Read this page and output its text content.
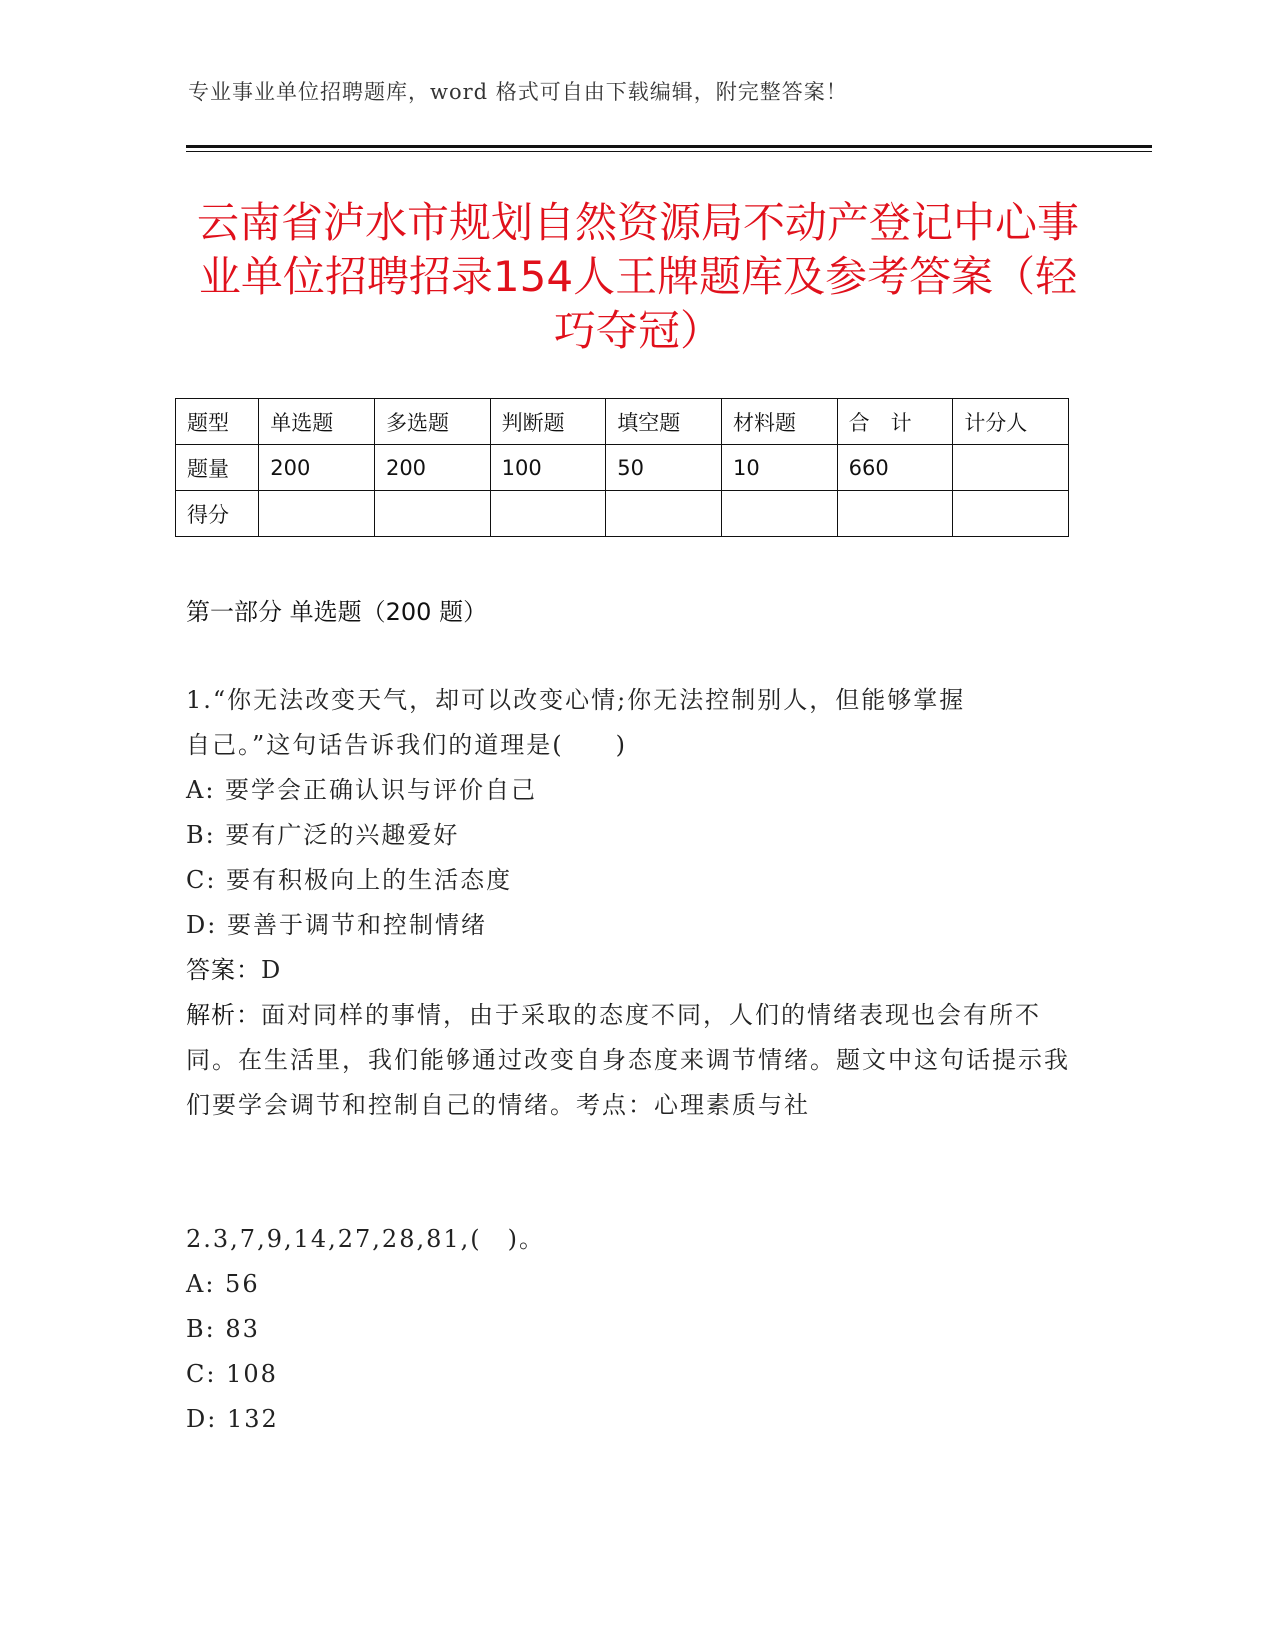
专业事业单位招聘题库，word 格式可自由下载编辑，附完整答案！
云南省泸水市规划自然资源局不动产登记中心事业单位招聘招录154人王牌题库及参考答案（轻巧夺冠）
题型	单选题	多选题	判断题	填空题	材料题	合　计	计分人
题量	200	200	100	50	10	660	
得分							
第一部分 单选题（200 题）

1.“你无法改变天气，却可以改变心情;你无法控制别人，但能够掌握

自己。”这句话告诉我们的道理是(　　)

A: 要学会正确认识与评价自己

B: 要有广泛的兴趣爱好

C: 要有积极向上的生活态度

D: 要善于调节和控制情绪

答案：D

解析：面对同样的事情，由于采取的态度不同，人们的情绪表现也会有所不同。在生活里，我们能够通过改变自身态度来调节情绪。题文中这句话提示我们要学会调节和控制自己的情绪。考点：心理素质与社

2.3,7,9,14,27,28,81,(　)。

A: 56

B: 83

C: 108

D: 132
